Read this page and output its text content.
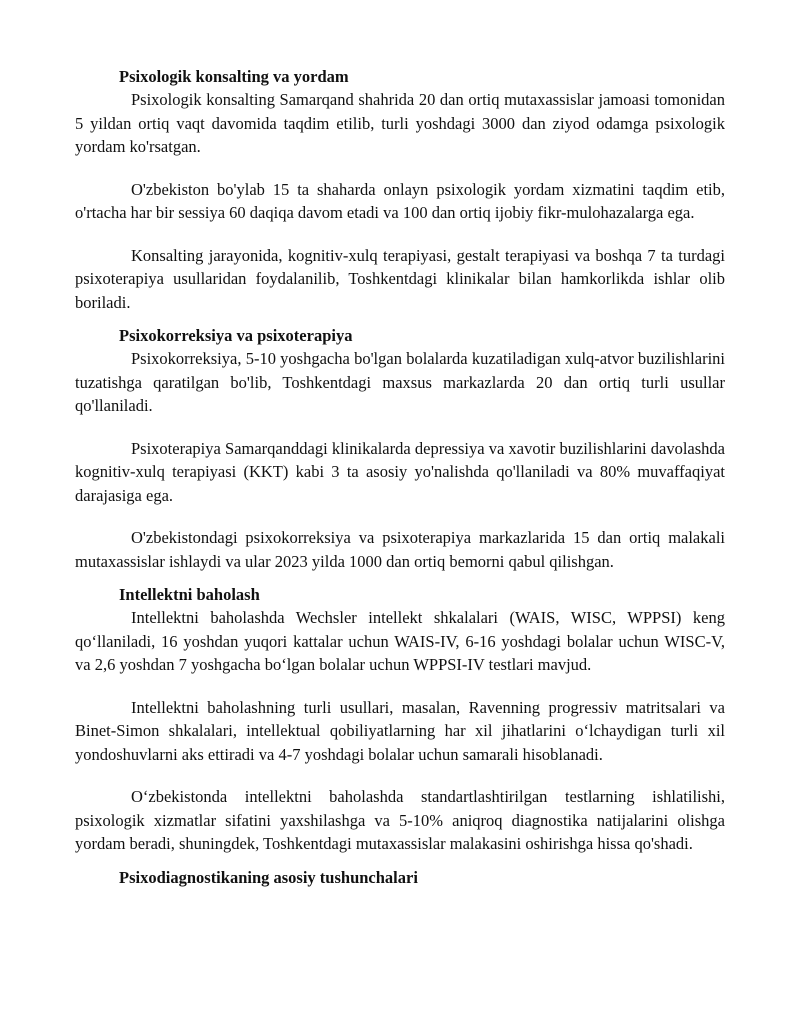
Psixologik konsalting va yordam

Psixologik konsalting Samarqand shahrida 20 dan ortiq mutaxassislar jamoasi tomonidan 5 yildan ortiq vaqt davomida taqdim etilib, turli yoshdagi 3000 dan ziyod odamga psixologik yordam ko'rsatgan.

O'zbekiston bo'ylab 15 ta shaharda onlayn psixologik yordam xizmatini taqdim etib, o'rtacha har bir sessiya 60 daqiqa davom etadi va 100 dan ortiq ijobiy fikr-mulohazalarga ega.

Konsalting jarayonida, kognitiv-xulq terapiyasi, gestalt terapiyasi va boshqa 7 ta turdagi psixoterapiya usullaridan foydalanilib, Toshkentdagi klinikalar bilan hamkorlikda ishlar olib boriladi.

Psixokorreksiya va psixoterapiya

Psixokorreksiya, 5-10 yoshgacha bo'lgan bolalarda kuzatiladigan xulq-atvor buzilishlarini tuzatishga qaratilgan bo'lib, Toshkentdagi maxsus markazlarda 20 dan ortiq turli usullar qo'llaniladi.

Psixoterapiya Samarqanddagi klinikalarda depressiya va xavotir buzilishlarini davolashda kognitiv-xulq terapiyasi (KKT) kabi 3 ta asosiy yo'nalishda qo'llaniladi va 80% muvaffaqiyat darajasiga ega.

O'zbekistondagi psixokorreksiya va psixoterapiya markazlarida 15 dan ortiq malakali mutaxassislar ishlaydi va ular 2023 yilda 1000 dan ortiq bemorni qabul qilishgan.

Intellektni baholash

Intellektni baholashda Wechsler intellekt shkalalari (WAIS, WISC, WPPSI) keng qo‘llaniladi, 16 yoshdan yuqori kattalar uchun WAIS-IV, 6-16 yoshdagi bolalar uchun WISC-V, va 2,6 yoshdan 7 yoshgacha bo‘lgan bolalar uchun WPPSI-IV testlari mavjud.

Intellektni baholashning turli usullari, masalan, Ravenning progressiv matritsalari va Binet-Simon shkalalari, intellektual qobiliyatlarning har xil jihatlarini o‘lchaydigan turli xil yondoshuvlarni aks ettiradi va 4-7 yoshdagi bolalar uchun samarali hisoblanadi.

O‘zbekistonda intellektni baholashda standartlashtirilgan testlarning ishlatilishi, psixologik xizmatlar sifatini yaxshilashga va 5-10% aniqroq diagnostika natijalarini olishga yordam beradi, shuningdek, Toshkentdagi mutaxassislar malakasini oshirishga hissa qo'shadi.

Psixodiagnostikaning asosiy tushunchalari
